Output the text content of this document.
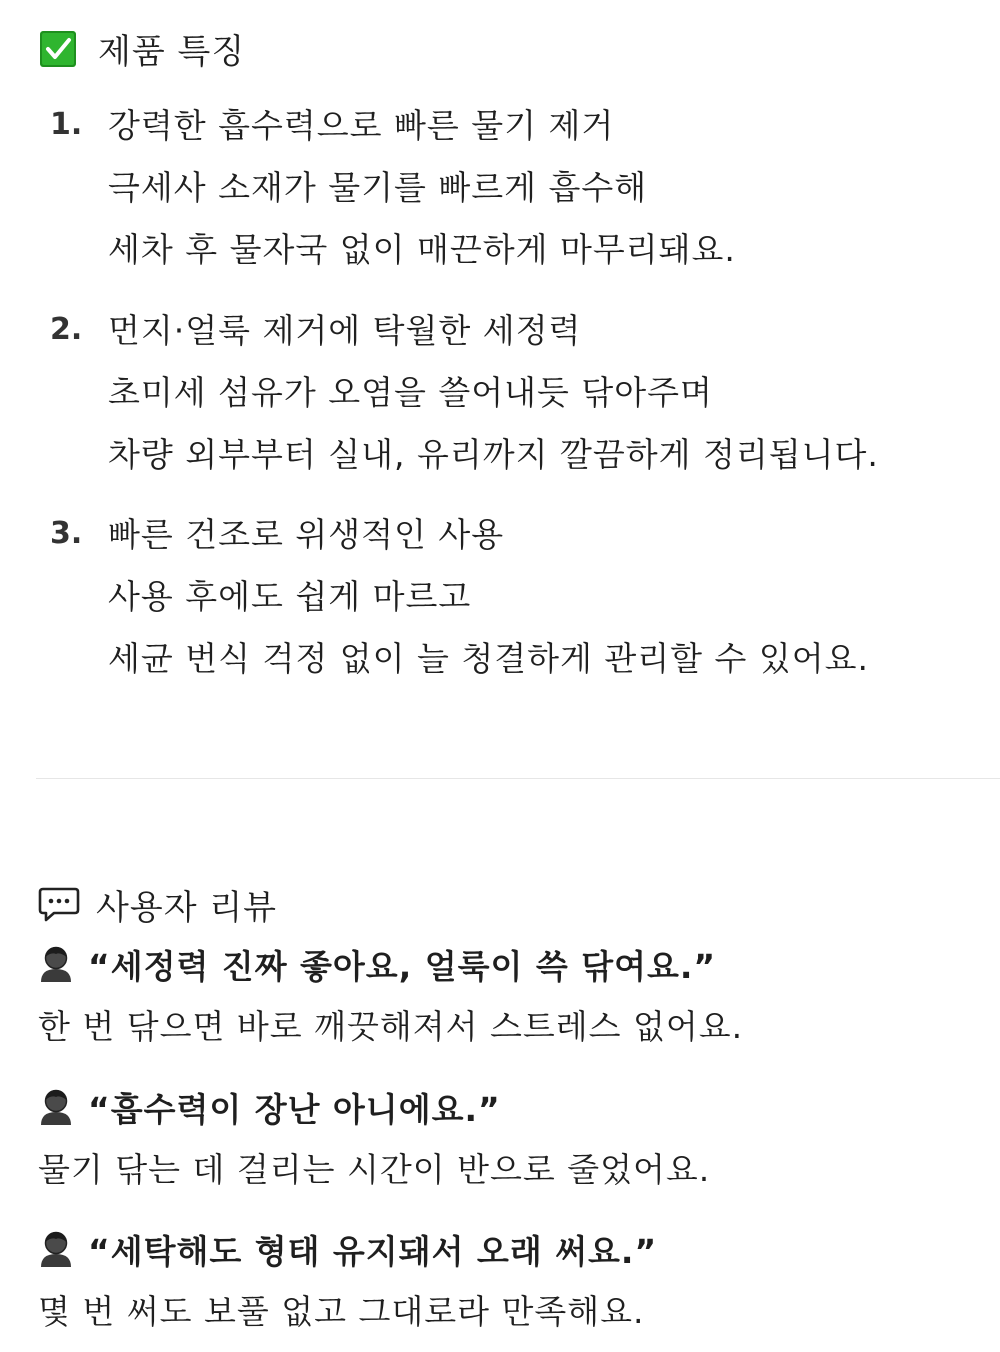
제품 특징
1. 강력한 흡수력으로 빠른 물기 제거
극세사 소재가 물기를 빠르게 흡수해
세차 후 물자국 없이 매끈하게 마무리돼요.
2. 먼지·얼룩 제거에 탁월한 세정력
초미세 섬유가 오염을 쓸어내듯 닦아주며
차량 외부부터 실내, 유리까지 깔끔하게 정리됩니다.
3. 빠른 건조로 위생적인 사용
사용 후에도 쉽게 마르고
세균 번식 걱정 없이 늘 청결하게 관리할 수 있어요.
사용자 리뷰
“세정력 진짜 좋아요, 얼룩이 쓱 닦여요.”
한 번 닦으면 바로 깨끗해져서 스트레스 없어요.
“흡수력이 장난 아니에요.”
물기 닦는 데 걸리는 시간이 반으로 줄었어요.
“세탁해도 형태 유지돼서 오래 써요.”
몇 번 써도 보풀 없고 그대로라 만족해요.
